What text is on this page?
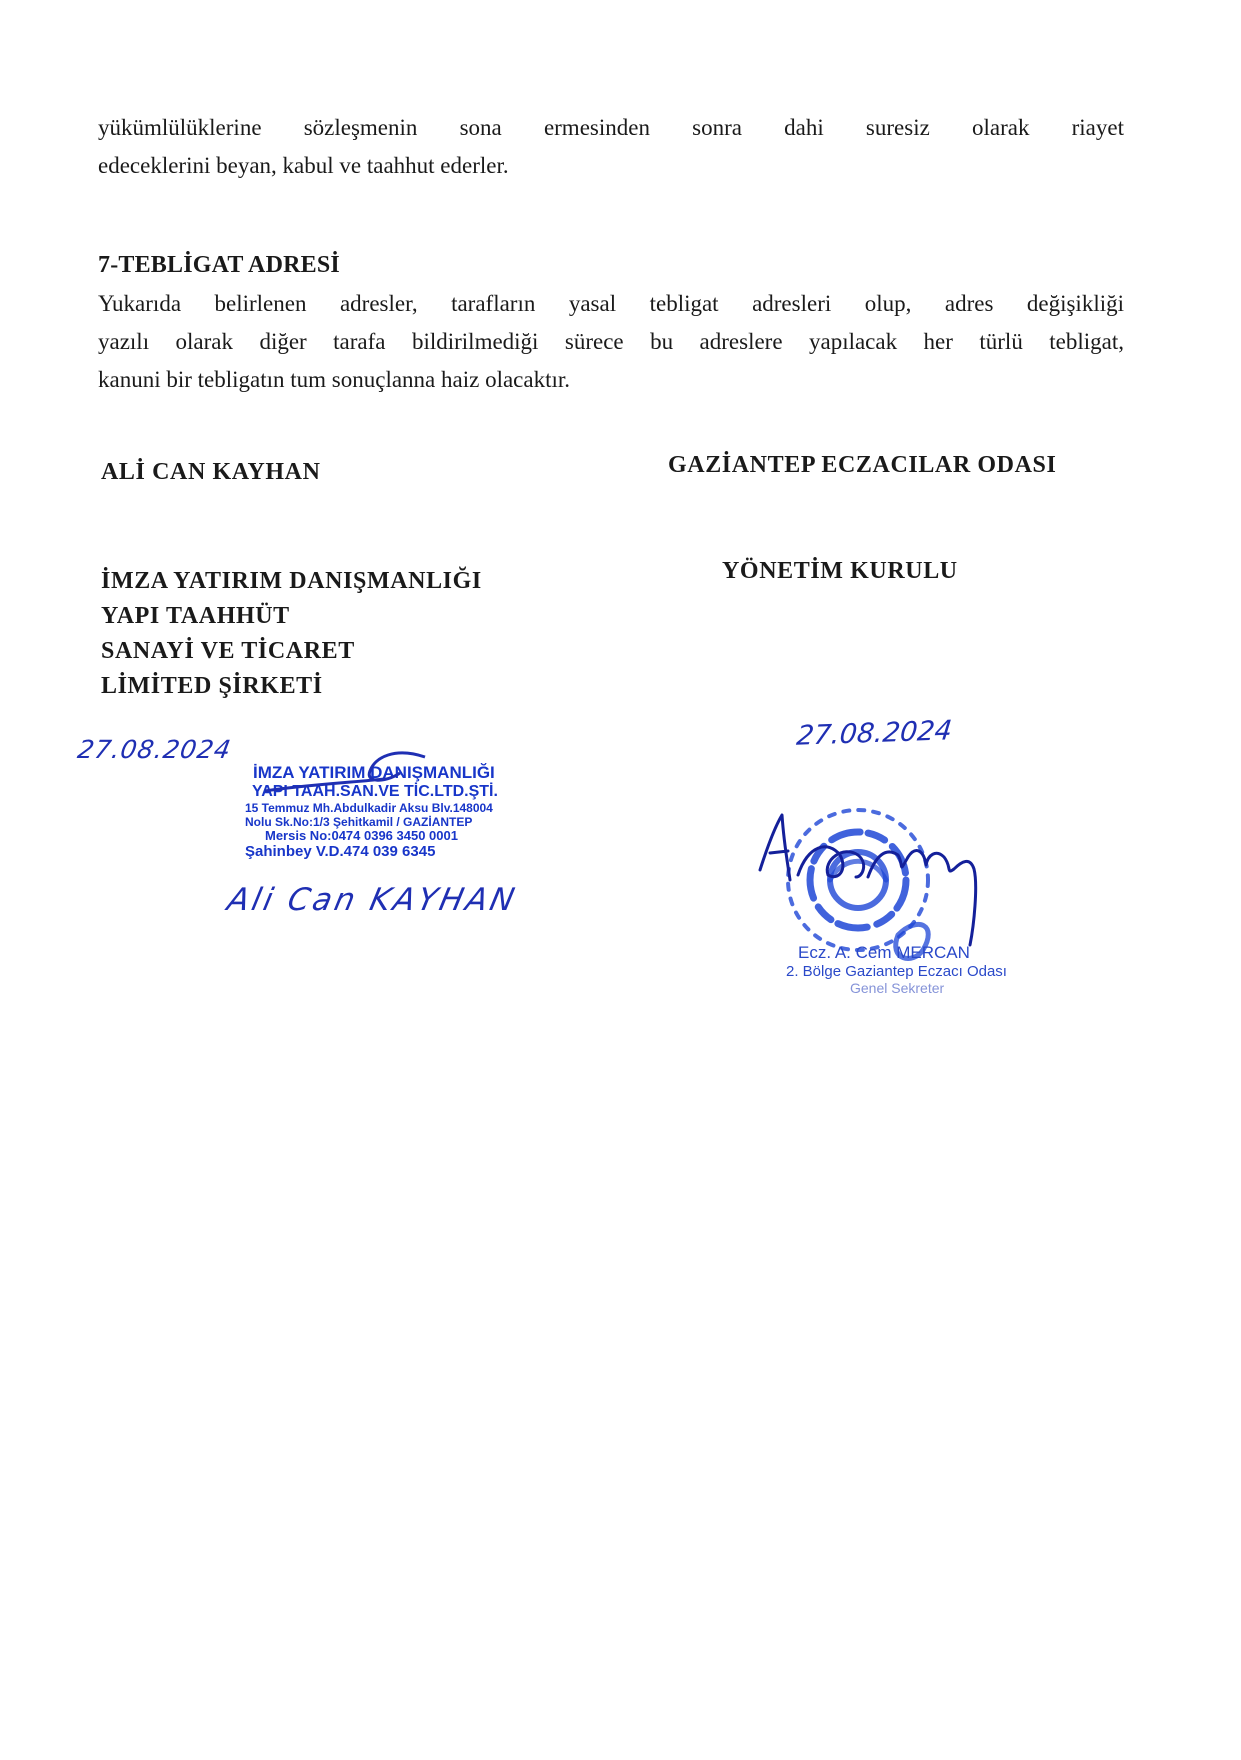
yükümlülüklerine sözleşmenin sona ermesinden sonra dahi suresiz olarak riayet
edeceklerini beyan, kabul ve taahhut ederler.

7-TEBLİGAT ADRESİ

Yukarıda belirlenen adresler, tarafların yasal tebligat adresleri olup, adres değişikliği
yazılı olarak diğer tarafa bildirilmediği sürece bu adreslere yapılacak her türlü tebligat,
kanuni bir tebligatın tum sonuçlanna haiz olacaktır.

ALİ CAN KAYHAN	GAZİANTEP ECZACILAR ODASI
İMZA YATIRIM DANIŞMANLIĞI
YAPI TAAHHÜT
SANAYİ VE TİCARET
LİMİTED ŞİRKETİ
YÖNETİM KURULU
27.08.2024
İMZA YATIRIM DANIŞMANLIĞI
YAPI TAAH.SAN.VE TİC.LTD.ŞTİ.
15 Temmuz Mh.Abdulkadir Aksu Blv.148004
Nolu Sk.No:1/3 Şehitkamil / GAZİANTEP
Mersis No:0474 0396 3450 0001
Şahinbey V.D.474 039 6345
Ali Can KAYHAN
27.08.2024
Ecz. A. Cem MERCAN
2. Bölge Gaziantep Eczacı Odası
Genel Sekreter
